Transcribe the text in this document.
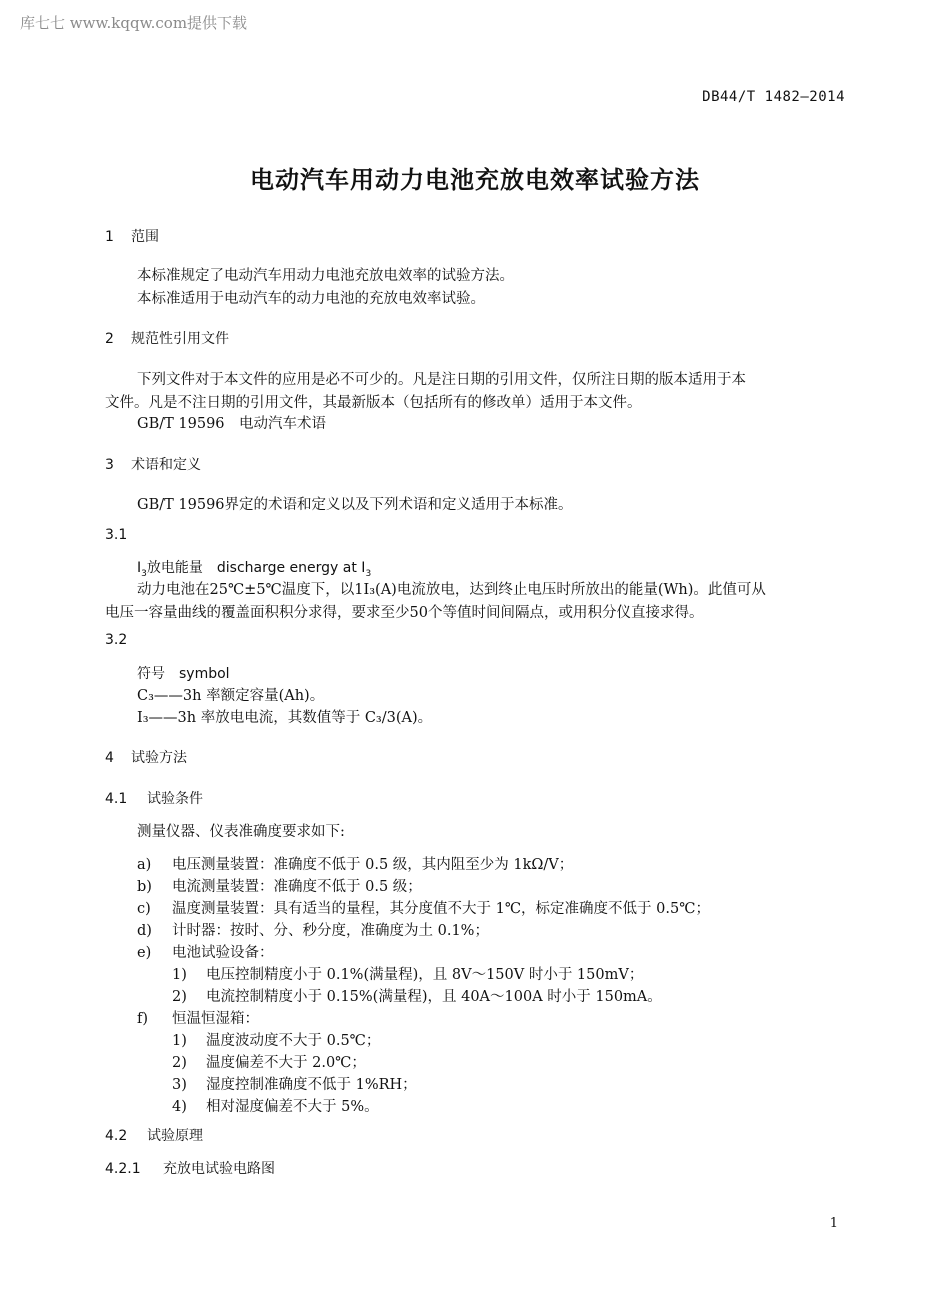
库七七 www.kqqw.com提供下载
DB44/T 1482—2014
电动汽车用动力电池充放电效率试验方法
1 范围
本标准规定了电动汽车用动力电池充放电效率的试验方法。
本标准适用于电动汽车的动力电池的充放电效率试验。
2 规范性引用文件
下列文件对于本文件的应用是必不可少的。凡是注日期的引用文件，仅所注日期的版本适用于本
文件。凡是不注日期的引用文件，其最新版本（包括所有的修改单）适用于本文件。
GB/T 19596　电动汽车术语
3 术语和定义
GB/T 19596界定的术语和定义以及下列术语和定义适用于本标准。
3.1
$I_3$放电能量　discharge energy at $I_3$
动力电池在25℃±5℃温度下，以1I₃(A)电流放电，达到终止电压时所放出的能量(Wh)。此值可从
电压一容量曲线的覆盖面积积分求得，要求至少50个等值时间间隔点，或用积分仪直接求得。
3.2
符号　symbol
C₃——3h 率额定容量(Ah)。
I₃——3h 率放电电流，其数值等于 C₃/3(A)。
4 试验方法
4.1 试验条件
测量仪器、仪表准确度要求如下:
a) 电压测量装置：准确度不低于 0.5 级，其内阻至少为 1kΩ/V；
b) 电流测量装置：准确度不低于 0.5 级；
c) 温度测量装置：具有适当的量程，其分度值不大于 1℃，标定准确度不低于 0.5℃；
d) 计时器：按时、分、秒分度，准确度为土 0.1%；
e) 电池试验设备：
1) 电压控制精度小于 0.1%(满量程)，且 8V～150V 时小于 150mV；
2) 电流控制精度小于 0.15%(满量程)，且 40A～100A 时小于 150mA。
f) 恒温恒湿箱：
1) 温度波动度不大于 0.5℃；
2) 温度偏差不大于 2.0℃；
3) 湿度控制准确度不低于 1%RH；
4) 相对湿度偏差不大于 5%。
4.2 试验原理
4.2.1 充放电试验电路图
1
